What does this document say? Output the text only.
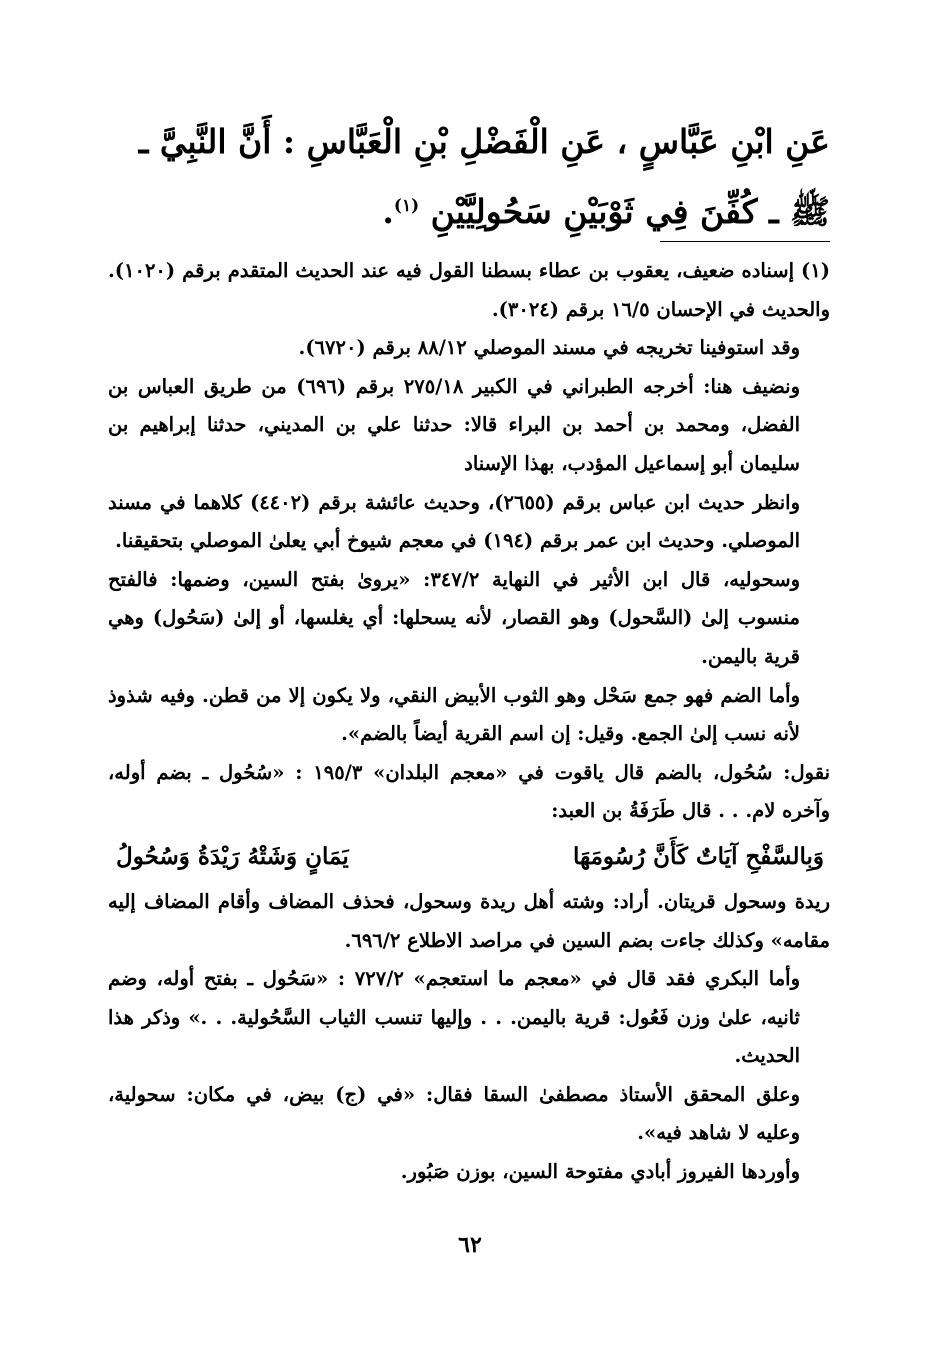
عَنِ ابْنِ عَبَّاسٍ ، عَنِ الْفَضْلِ بْنِ الْعَبَّاسِ : أَنَّ النَّبِيَّ ـ ﷺ ـ كُفِّنَ فِي ثَوْبَيْنِ سَحُولِيَّيْنِ $^{(١)}$.

(١) إسناده ضعيف، يعقوب بن عطاء بسطنا القول فيه عند الحديث المتقدم برقم (١٠٢٠). والحديث في الإحسان ١٦/٥ برقم (٣٠٢٤).

وقد استوفينا تخريجه في مسند الموصلي ٨٨/١٢ برقم (٦٧٢٠).

ونضيف هنا: أخرجه الطبراني في الكبير ٢٧٥/١٨ برقم (٦٩٦) من طريق العباس بن الفضل، ومحمد بن أحمد بن البراء قالا: حدثنا علي بن المديني، حدثنا إبراهيم بن سليمان أبو إسماعيل المؤدب، بهذا الإسناد

وانظر حديث ابن عباس برقم (٢٦٥٥)، وحديث عائشة برقم (٤٤٠٢) كلاهما في مسند الموصلي. وحديث ابن عمر برقم (١٩٤) في معجم شيوخ أبي يعلىٰ الموصلي بتحقيقنا.

وسحوليه، قال ابن الأثير في النهاية ٣٤٧/٢: «يروىٰ بفتح السين، وضمها: فالفتح منسوب إلىٰ (السَّحول) وهو القصار، لأنه يسحلها: أي يغلسها، أو إلىٰ (سَحُول) وهي قرية باليمن.

وأما الضم فهو جمع سَحْل وهو الثوب الأبيض النقي، ولا يكون إلا من قطن. وفيه شذوذ لأنه نسب إلىٰ الجمع. وقيل: إن اسم القرية أيضاً بالضم».

نقول: سُحُول، بالضم قال ياقوت في «معجم البلدان» ١٩٥/٣ : «سُحُول ـ بضم أوله، وآخره لام. . . قال طَرَفَةُ بن العبد:

وَبِالسَّفْحِ آيَاتٌ كَأَنَّ رُسُومَهَا
يَمَانٍ وَشَتْهُ رَيْدَةُ وَسُحُولُ

ريدة وسحول قريتان. أراد: وشته أهل ريدة وسحول، فحذف المضاف وأقام المضاف إليه مقامه» وكذلك جاءت بضم السين في مراصد الاطلاع ٦٩٦/٢.

وأما البكري فقد قال في «معجم ما استعجم» ٧٢٧/٢ : «سَحُول ـ بفتح أوله، وضم ثانيه، علىٰ وزن فَعُول: قرية باليمن. . . وإليها تنسب الثياب السَّحُولية. . .» وذكر هذا الحديث.

وعلق المحقق الأستاذ مصطفىٰ السقا فقال: «في (ج) بيض، في مكان: سحولية، وعليه لا شاهد فيه».

وأوردها الفيروز أبادي مفتوحة السين، بوزن صَبُور.

٦٢
